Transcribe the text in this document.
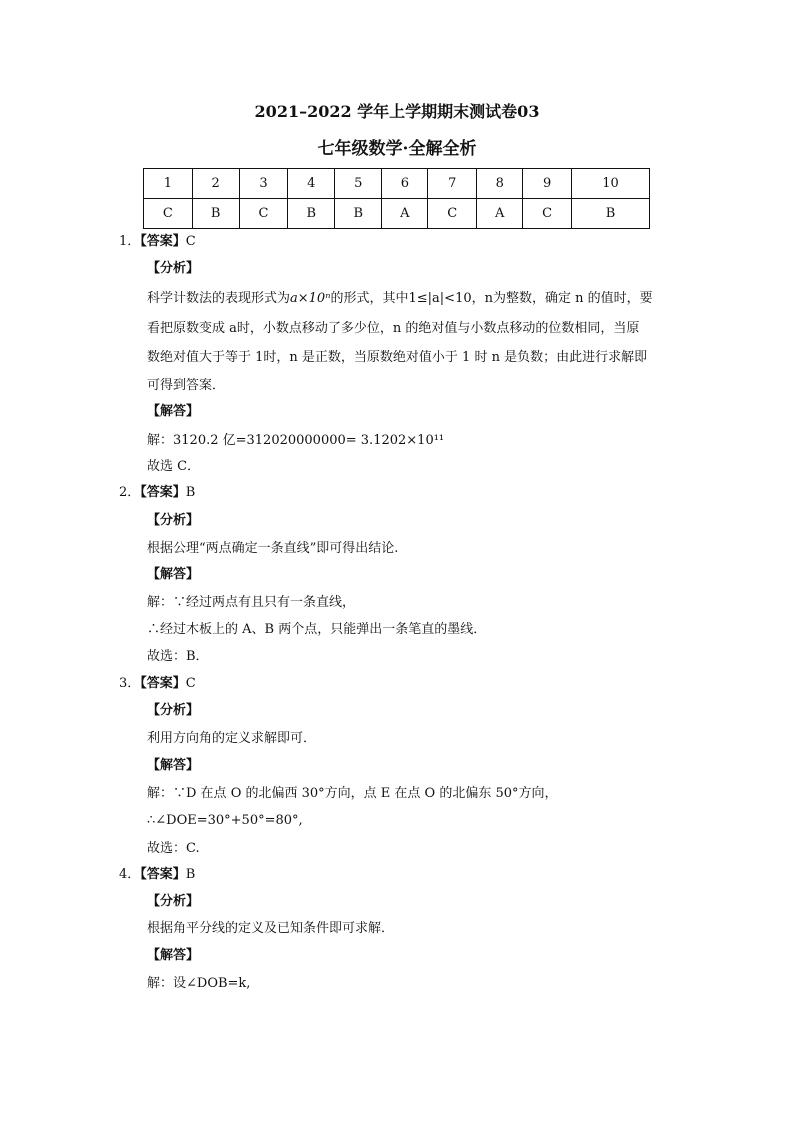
2021–2022 学年上学期期末测试卷03
七年级数学·全解全析
1	2	3	4	5	6	7	8	9	10
C	B	C	B	B	A	C	A	C	B
1．【答案】C
【分析】
科学计数法的表现形式为a×10ⁿ的形式，其中1≤|a|<10，n为整数，确定 n 的值时，要
看把原数变成 a时，小数点移动了多少位，n 的绝对值与小数点移动的位数相同，当原
数绝对值大于等于 1时，n 是正数，当原数绝对值小于 1 时 n 是负数；由此进行求解即
可得到答案．
【解答】
解：3120.2 亿=312020000000= 3.1202×10¹¹
故选 C．
2．【答案】B
【分析】
根据公理“两点确定一条直线”即可得出结论.
【解答】
解：∵经过两点有且只有一条直线，
∴经过木板上的 A、B 两个点，只能弹出一条笔直的墨线．
故选：B．
3．【答案】C
【分析】
利用方向角的定义求解即可．
【解答】
解：∵D 在点 O 的北偏西 30°方向，点 E 在点 O 的北偏东 50°方向，
∴∠DOE=30°+50°=80°,
故选：C.
4．【答案】B
【分析】
根据角平分线的定义及已知条件即可求解．
【解答】
解：设∠DOB=k,
